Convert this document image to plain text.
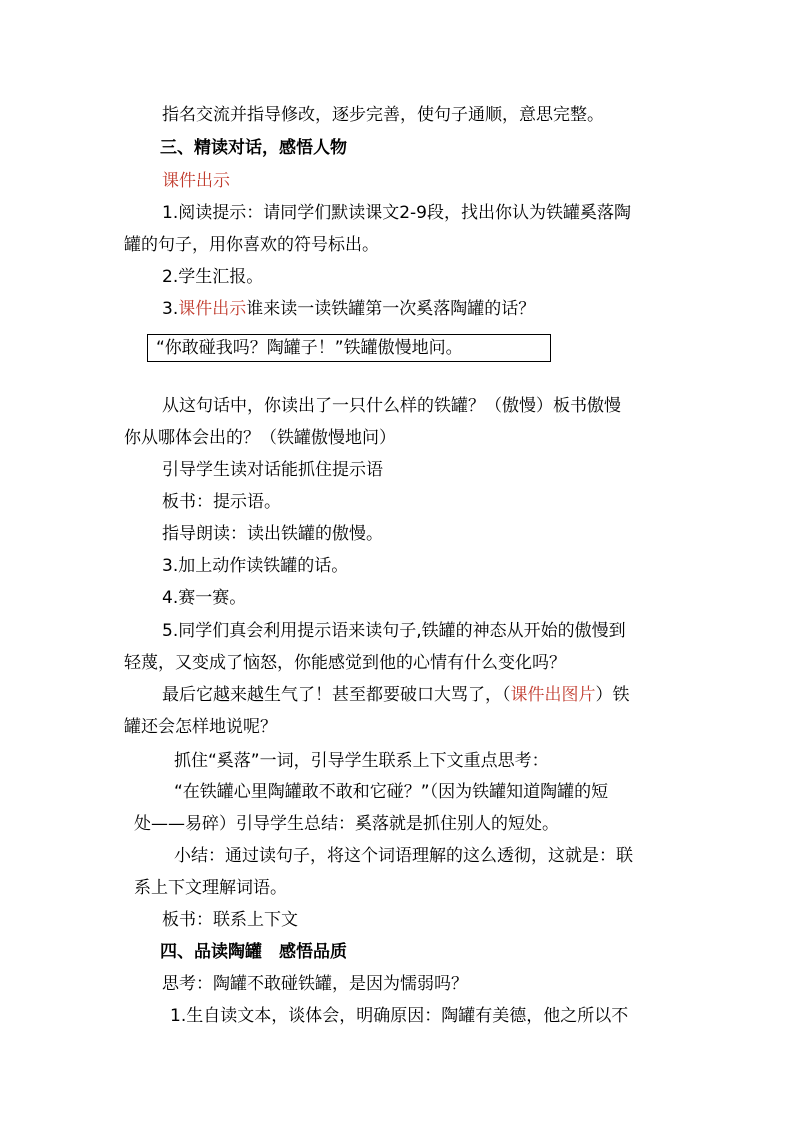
指名交流并指导修改，逐步完善，使句子通顺，意思完整。
三、精读对话，感悟人物
课件出示
1.阅读提示：请同学们默读课文2-9段，找出你认为铁罐奚落陶
罐的句子，用你喜欢的符号标出。
2.学生汇报。
3.课件出示谁来读一读铁罐第一次奚落陶罐的话？
“你敢碰我吗？陶罐子！”铁罐傲慢地问。
从这句话中，你读出了一只什么样的铁罐？（傲慢）板书傲慢
你从哪体会出的？（铁罐傲慢地问）
引导学生读对话能抓住提示语
板书：提示语。
指导朗读：读出铁罐的傲慢。
3.加上动作读铁罐的话。
4.赛一赛。
5.同学们真会利用提示语来读句子,铁罐的神态从开始的傲慢到
轻蔑，又变成了恼怒，你能感觉到他的心情有什么变化吗？
最后它越来越生气了！甚至都要破口大骂了，（课件出图片）铁
罐还会怎样地说呢？
抓住“奚落”一词，引导学生联系上下文重点思考：
“在铁罐心里陶罐敢不敢和它碰？”（因为铁罐知道陶罐的短
处——易碎）引导学生总结：奚落就是抓住别人的短处。
小结：通过读句子，将这个词语理解的这么透彻，这就是：联
系上下文理解词语。
板书：联系上下文
四、品读陶罐　感悟品质
思考：陶罐不敢碰铁罐，是因为懦弱吗？
1.生自读文本，谈体会，明确原因：陶罐有美德，他之所以不
